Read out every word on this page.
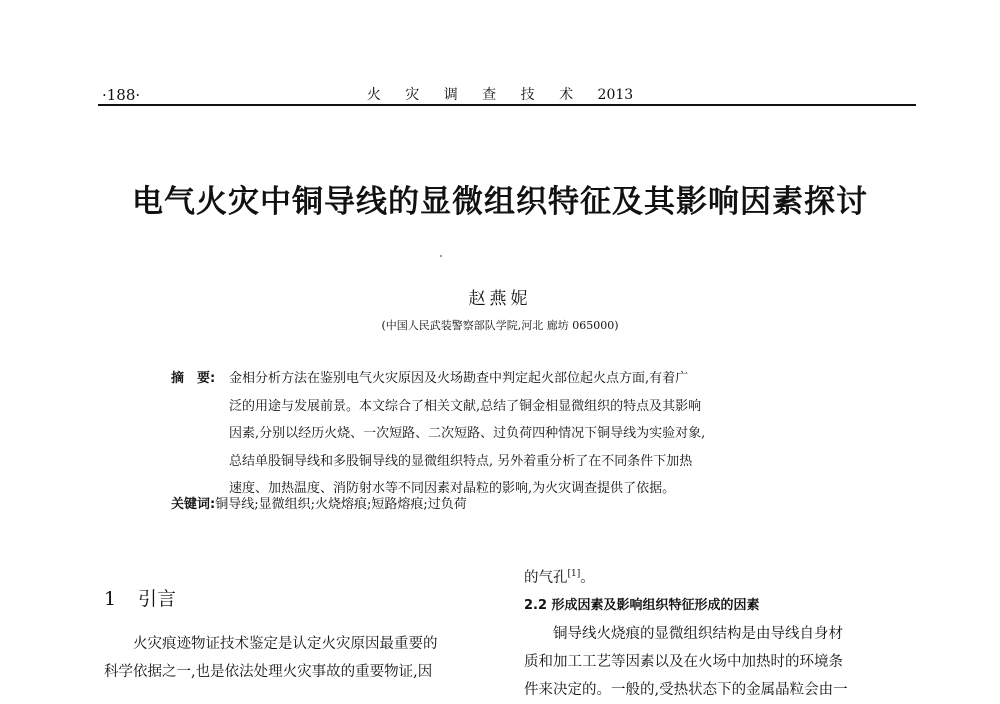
·188·	火 灾 调 查 技 术 2013
电气火灾中铜导线的显微组织特征及其影响因素探讨
赵燕妮
(中国人民武装警察部队学院,河北 廊坊 065000)
摘　要: 金相分析方法在鉴别电气火灾原因及火场勘查中判定起火部位起火点方面,有着广
泛的用途与发展前景。本文综合了相关文献,总结了铜金相显微组织的特点及其影响
因素,分别以经历火烧、一次短路、二次短路、过负荷四种情况下铜导线为实验对象,
总结单股铜导线和多股铜导线的显微组织特点, 另外着重分析了在不同条件下加热
速度、加热温度、消防射水等不同因素对晶粒的影响,为火灾调查提供了依据。
关键词:铜导线;显微组织;火烧熔痕;短路熔痕;过负荷
1 引言
火灾痕迹物证技术鉴定是认定火灾原因最重要的
科学依据之一,也是依法处理火灾事故的重要物证,因
的气孔[1]。
2.2 形成因素及影响组织特征形成的因素
铜导线火烧痕的显微组织结构是由导线自身材
质和加工工艺等因素以及在火场中加热时的环境条
件来决定的。一般的,受热状态下的金属晶粒会由一
